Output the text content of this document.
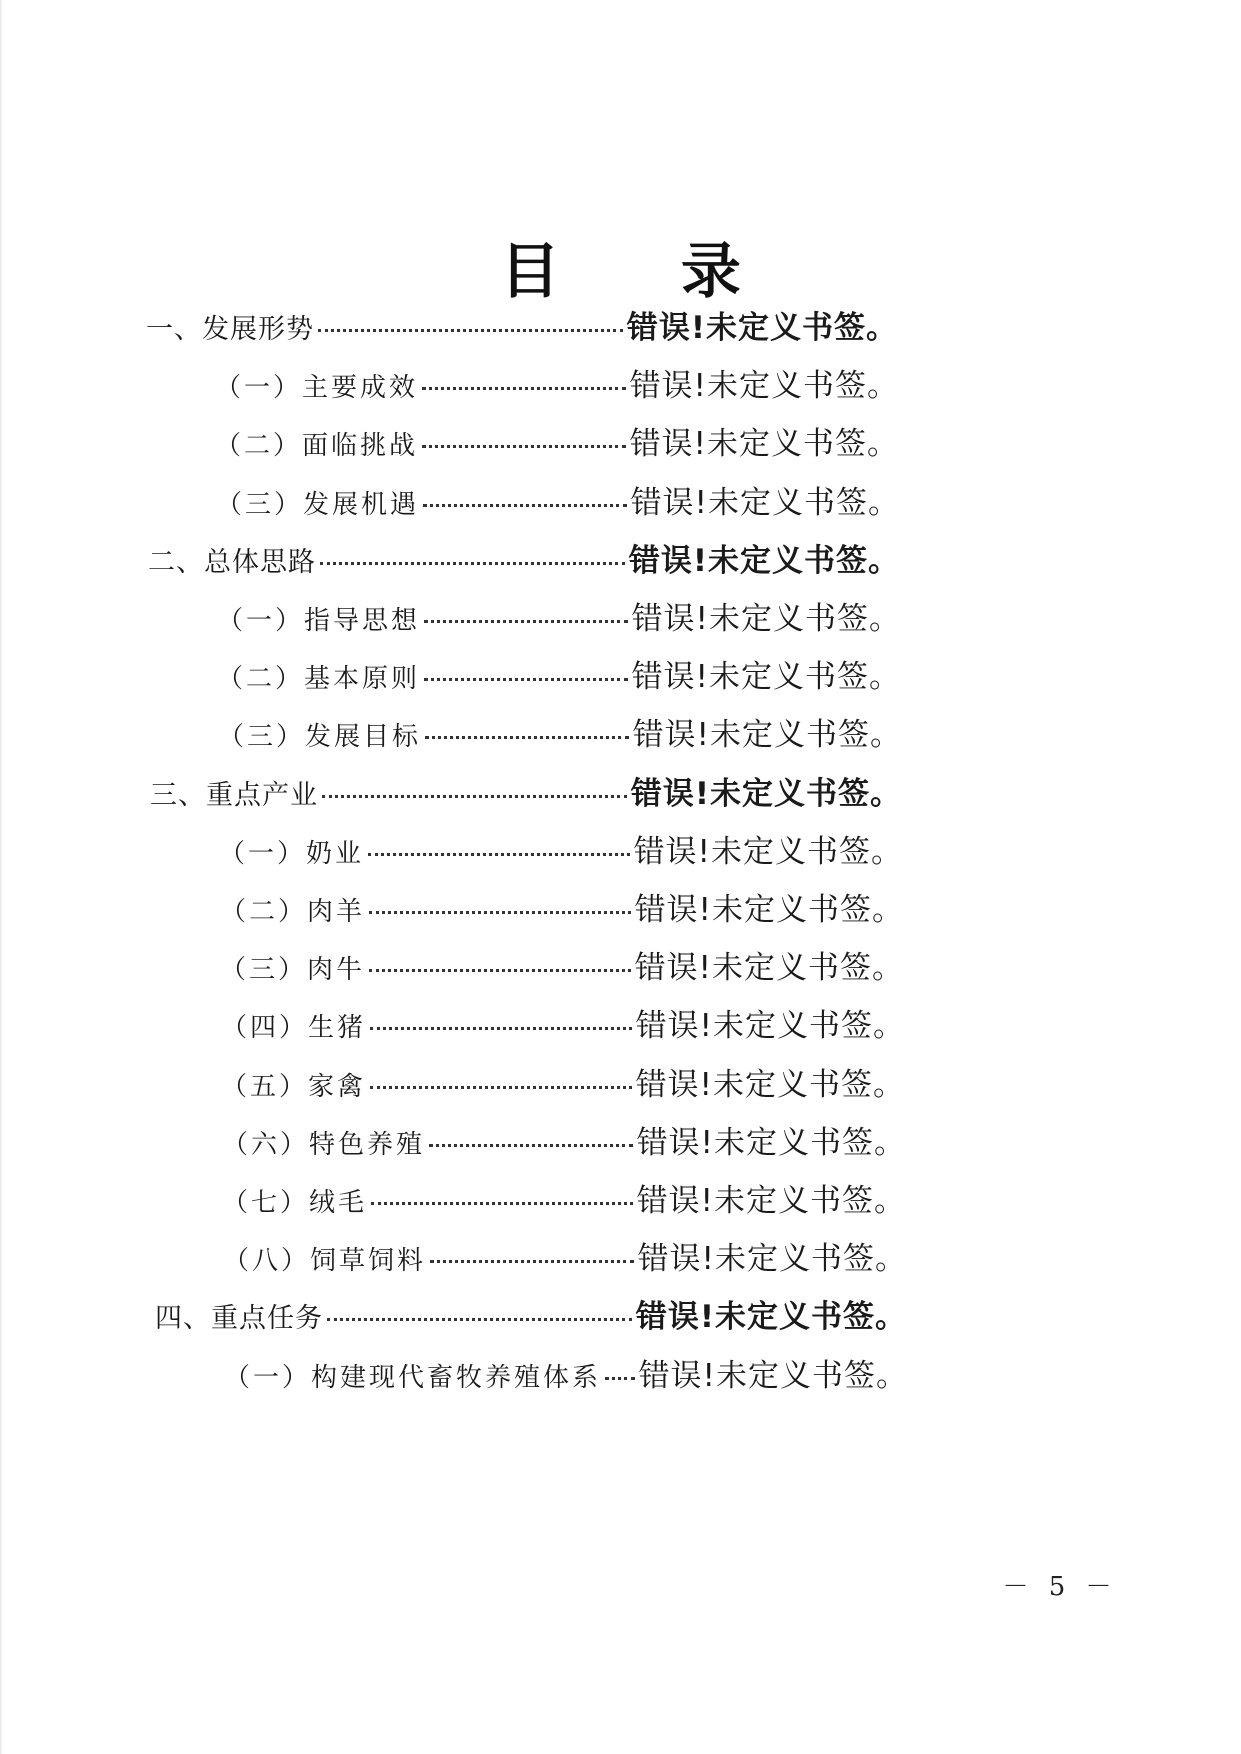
目 录
一、发展形势	错误!未定义书签。
（一）主要成效	错误!未定义书签。
（二）面临挑战	错误!未定义书签。
（三）发展机遇	错误!未定义书签。
二、总体思路	错误!未定义书签。
（一）指导思想	错误!未定义书签。
（二）基本原则	错误!未定义书签。
（三）发展目标	错误!未定义书签。
三、重点产业	错误!未定义书签。
（一）奶业	错误!未定义书签。
（二）肉羊	错误!未定义书签。
（三）肉牛	错误!未定义书签。
（四）生猪	错误!未定义书签。
（五）家禽	错误!未定义书签。
（六）特色养殖	错误!未定义书签。
（七）绒毛	错误!未定义书签。
（八）饲草饲料	错误!未定义书签。
四、重点任务	错误!未定义书签。
（一）构建现代畜牧养殖体系 错误!未定义书签。
－ 5 －
